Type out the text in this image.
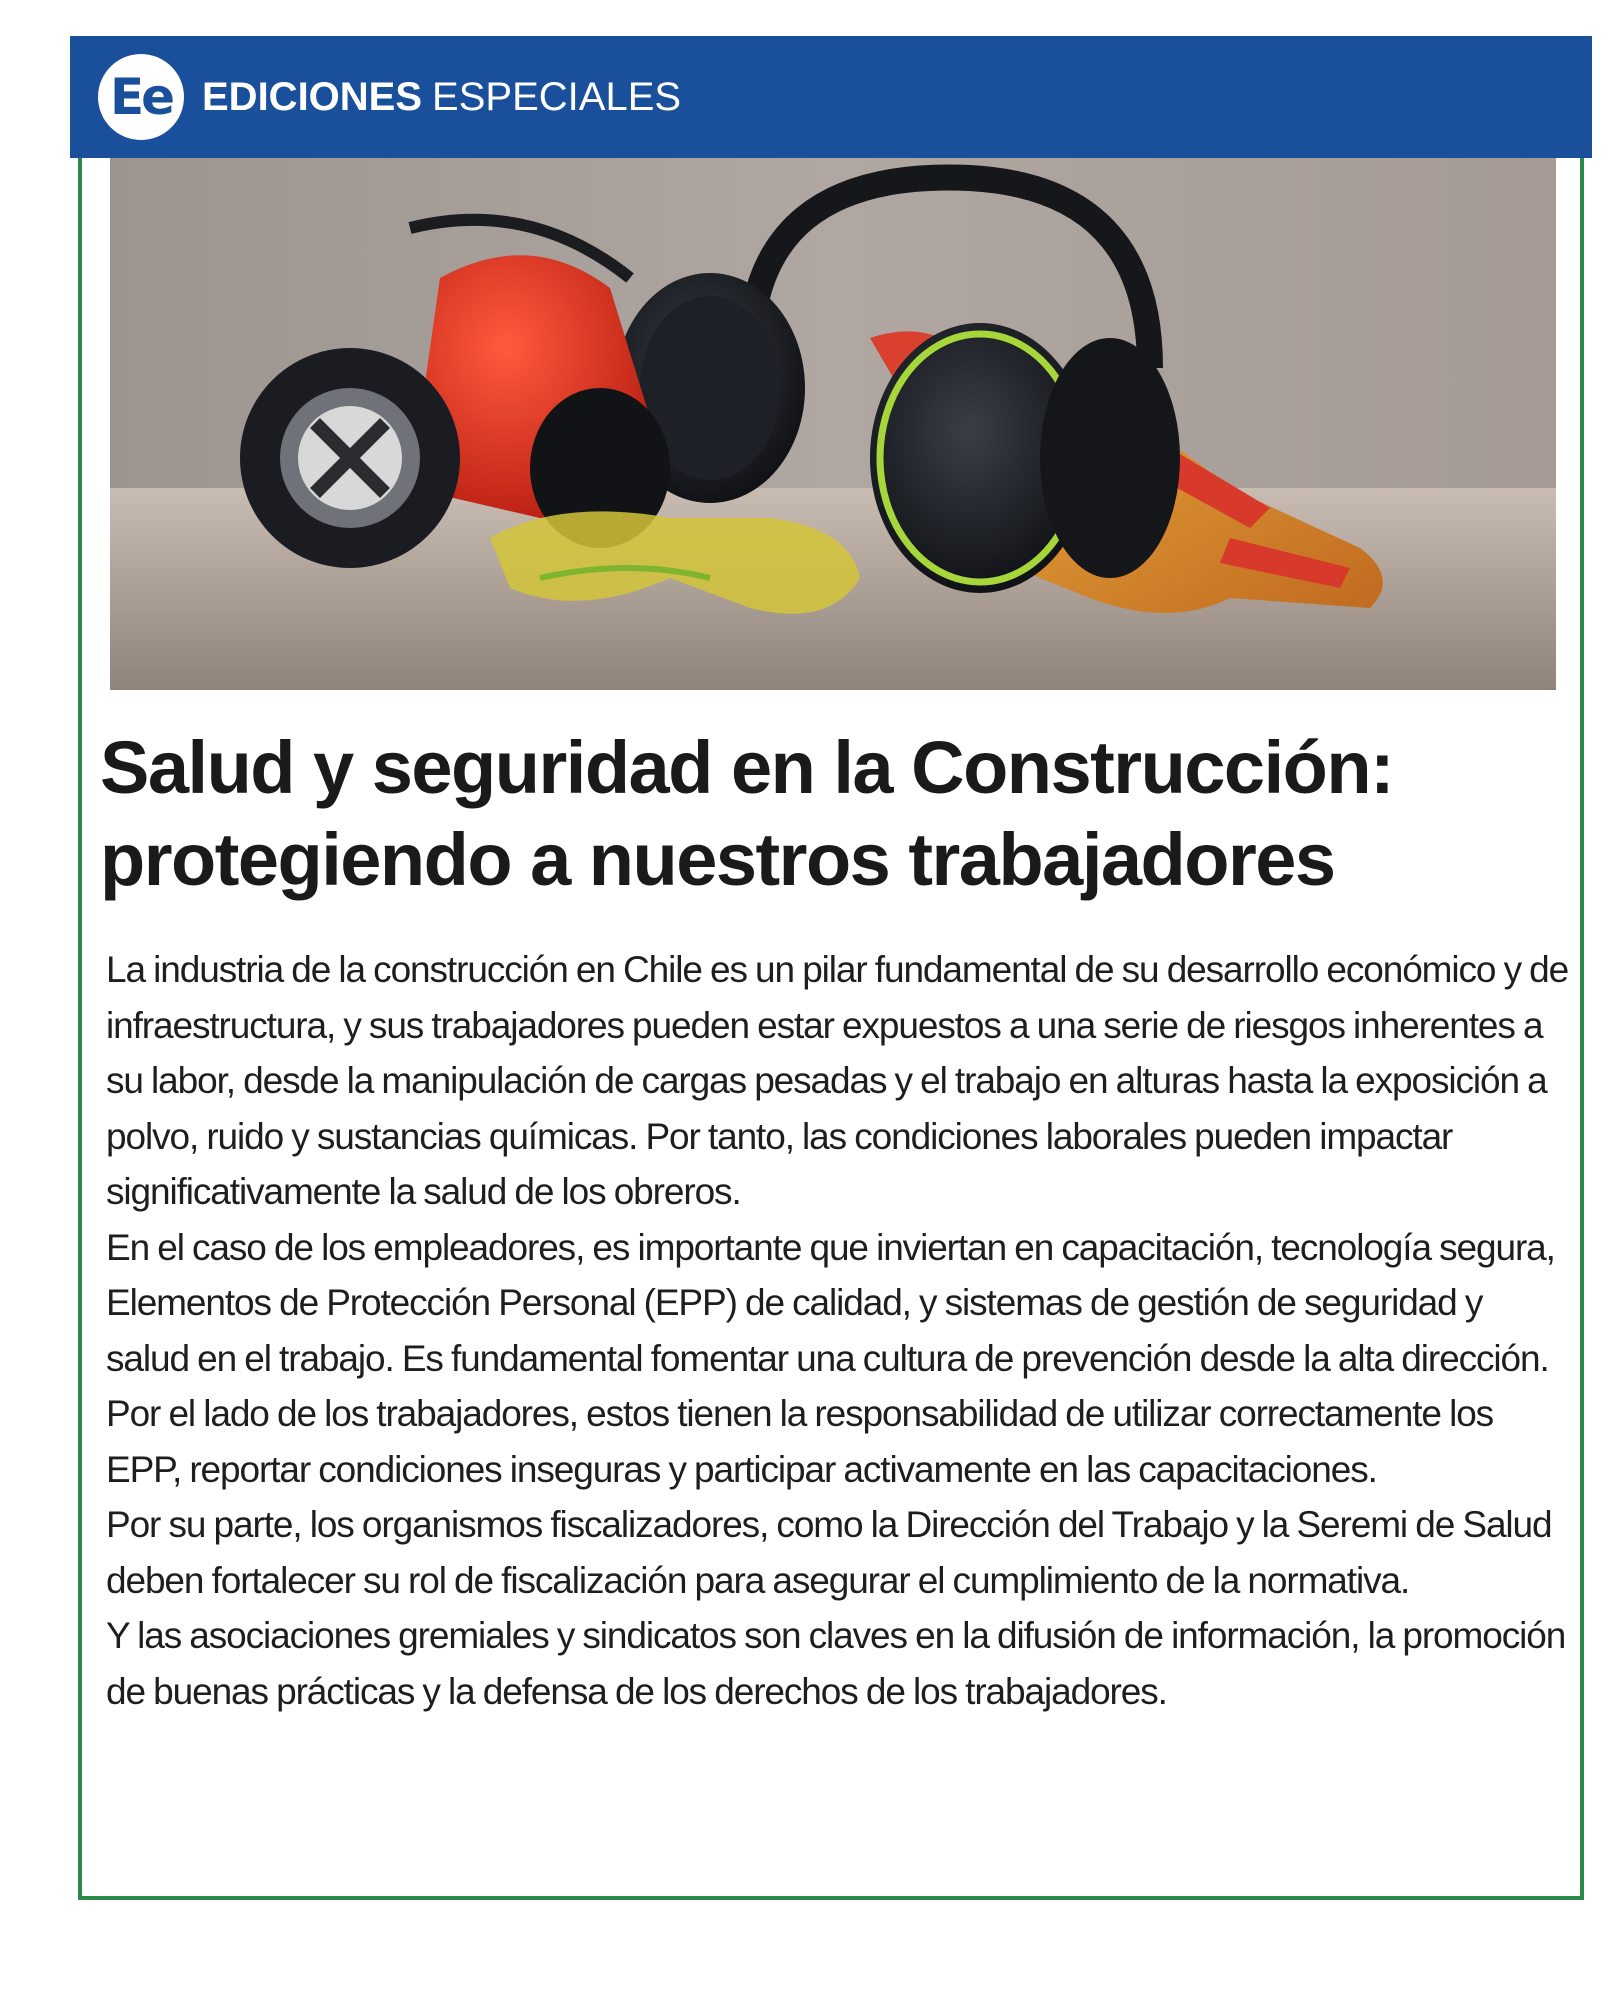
Ee EDICIONES ESPECIALES
Salud y seguridad en la Construcción:
protegiendo a nuestros trabajadores

La industria de la construcción en Chile es un pilar fundamental de su desarrollo económico y de infraestructura, y sus trabajadores pueden estar expuestos a una serie de riesgos inherentes a su labor, desde la manipulación de cargas pesadas y el trabajo en alturas hasta la exposición a polvo, ruido y sustancias químicas. Por tanto, las condiciones laborales pueden impactar significativamente la salud de los obreros.

En el caso de los empleadores, es importante que inviertan en capacitación, tecnología segura, Elementos de Protección Personal (EPP) de calidad, y sistemas de gestión de seguridad y salud en el trabajo. Es fundamental fomentar una cultura de prevención desde la alta dirección.

Por el lado de los trabajadores, estos tienen la responsabilidad de utilizar correctamente los EPP, reportar condiciones inseguras y participar activamente en las capacitaciones.

Por su parte, los organismos fiscalizadores, como la Dirección del Trabajo y la Seremi de Salud deben fortalecer su rol de fiscalización para asegurar el cumplimiento de la normativa.

Y las asociaciones gremiales y sindicatos son claves en la difusión de información, la promoción de buenas prácticas y la defensa de los derechos de los trabajadores.
